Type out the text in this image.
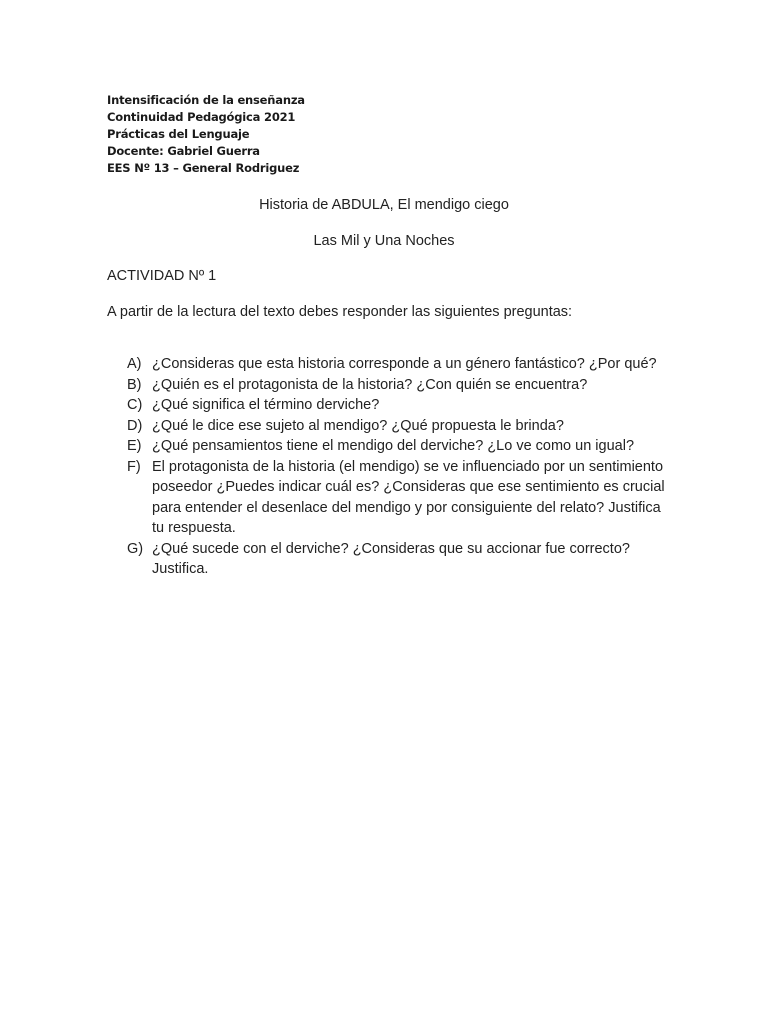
Intensificación de la enseñanza
Continuidad Pedagógica 2021
Prácticas del Lenguaje
Docente: Gabriel Guerra
EES Nº 13 – General Rodriguez
Historia de ABDULA, El mendigo ciego
Las Mil y Una Noches
ACTIVIDAD Nº 1
A partir de la lectura del texto debes responder las siguientes preguntas:
A) ¿Consideras que esta historia corresponde a un género fantástico? ¿Por qué?
B) ¿Quién es el protagonista de la historia? ¿Con quién se encuentra?
C) ¿Qué significa el término derviche?
D) ¿Qué le dice ese sujeto al mendigo? ¿Qué propuesta le brinda?
E) ¿Qué pensamientos tiene el mendigo del derviche? ¿Lo ve como un igual?
F) El protagonista de la historia (el mendigo) se ve influenciado por un sentimiento poseedor ¿Puedes indicar cuál es? ¿Consideras que ese sentimiento es crucial para entender el desenlace del mendigo y por consiguiente del relato? Justifica tu respuesta.
G) ¿Qué sucede con el derviche? ¿Consideras que su accionar fue correcto? Justifica.
